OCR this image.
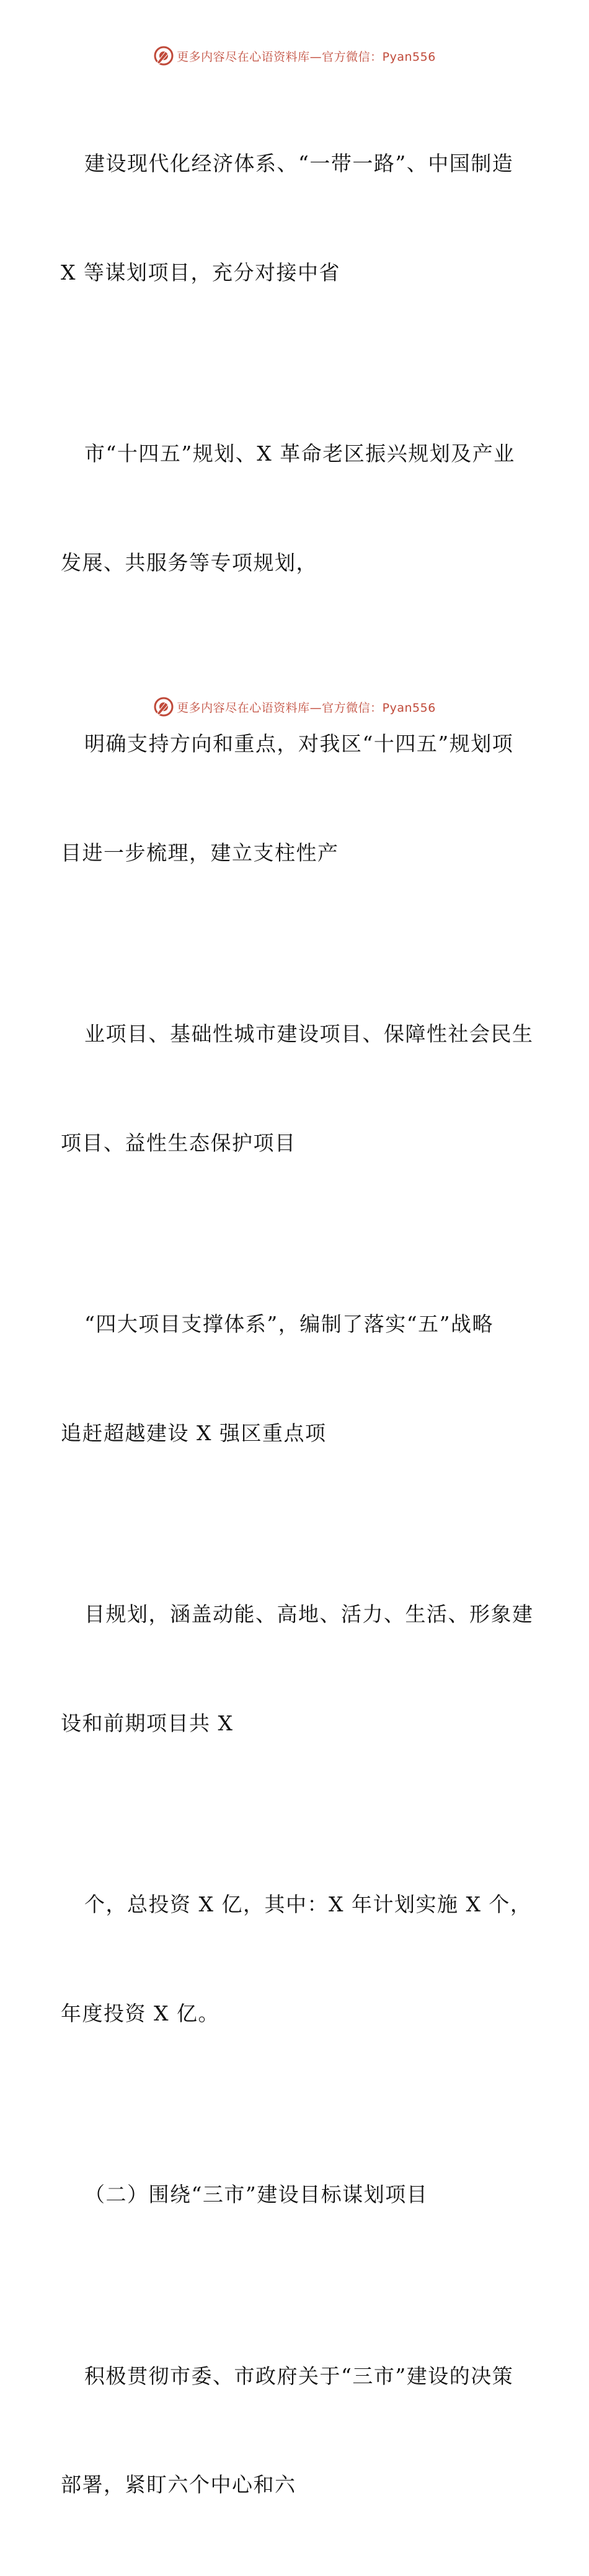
更多内容尽在心语资料库—官方微信：Pyan556

建设现代化经济体系、“一带一路”、中国制造

X 等谋划项目，充分对接中省

市“十四五”规划、X 革命老区振兴规划及产业

发展、共服务等专项规划，

明确支持方向和重点，对我区“十四五”规划项

目进一步梳理，建立支柱性产

业项目、基础性城市建设项目、保障性社会民生

项目、益性生态保护项目

“四大项目支撑体系”，编制了落实“五”战略

追赶超越建设 X 强区重点项

目规划，涵盖动能、高地、活力、生活、形象建

设和前期项目共 X

个，总投资 X 亿，其中：X 年计划实施 X 个，

年度投资 X 亿。

（二）围绕“三市”建设目标谋划项目

积极贯彻市委、市政府关于“三市”建设的决策

部署，紧盯六个中心和六

更多内容尽在心语资料库—官方微信：Pyan556
